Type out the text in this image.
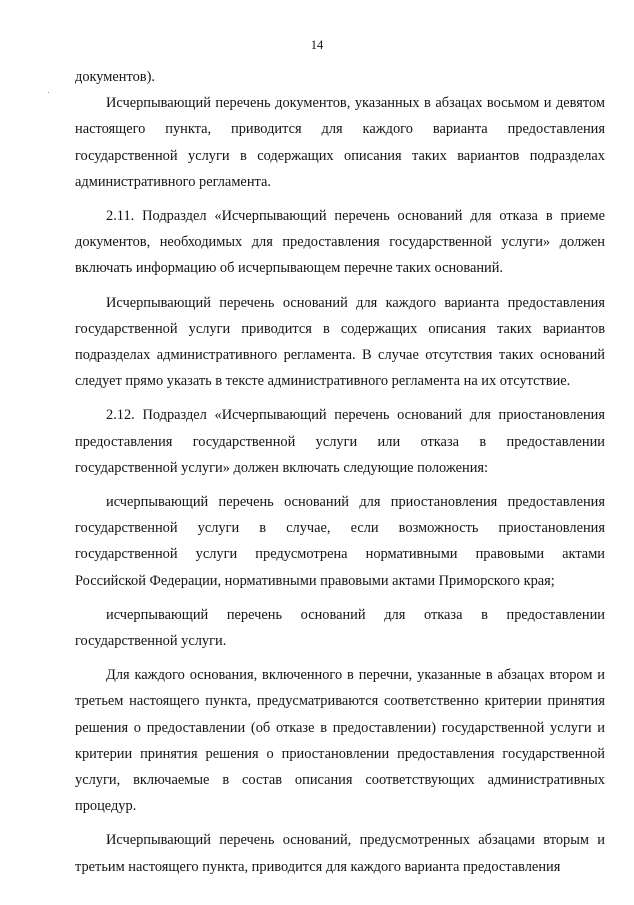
14

документов).

Исчерпывающий перечень документов, указанных в абзацах восьмом и девятом настоящего пункта, приводится для каждого варианта предоставления государственной услуги в содержащих описания таких вариантов подразделах административного регламента.

2.11. Подраздел «Исчерпывающий перечень оснований для отказа в приеме документов, необходимых для предоставления государственной услуги» должен включать информацию об исчерпывающем перечне таких оснований.

Исчерпывающий перечень оснований для каждого варианта предоставления государственной услуги приводится в содержащих описания таких вариантов подразделах административного регламента. В случае отсутствия таких оснований следует прямо указать в тексте административного регламента на их отсутствие.

2.12. Подраздел «Исчерпывающий перечень оснований для приостановления предоставления государственной услуги или отказа в предоставлении государственной услуги» должен включать следующие положения:

исчерпывающий перечень оснований для приостановления предоставления государственной услуги в случае, если возможность приостановления государственной услуги предусмотрена нормативными правовыми актами Российской Федерации, нормативными правовыми актами Приморского края;

исчерпывающий перечень оснований для отказа в предоставлении государственной услуги.

Для каждого основания, включенного в перечни, указанные в абзацах втором и третьем настоящего пункта, предусматриваются соответственно критерии принятия решения о предоставлении (об отказе в предоставлении) государственной услуги и критерии принятия решения о приостановлении предоставления государственной услуги, включаемые в состав описания соответствующих административных процедур.

Исчерпывающий перечень оснований, предусмотренных абзацами вторым и третьим настоящего пункта, приводится для каждого варианта предоставления
